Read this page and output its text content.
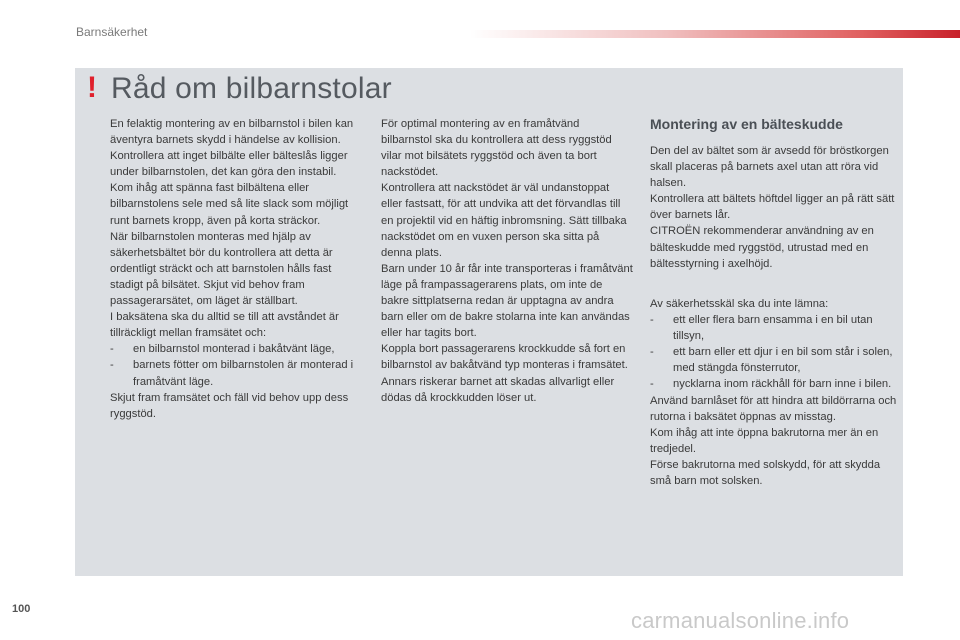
Barnsäkerhet
! Råd om bilbarnstolar

En felaktig montering av en bilbarnstol i bilen kan äventyra barnets skydd i händelse av kollision.

Kontrollera att inget bilbälte eller bälteslås ligger under bilbarnstolen, det kan göra den instabil.

Kom ihåg att spänna fast bilbältena eller bilbarnstolens sele med så lite slack som möjligt runt barnets kropp, även på korta sträckor.

När bilbarnstolen monteras med hjälp av säkerhetsbältet bör du kontrollera att detta är ordentligt sträckt och att barnstolen hålls fast stadigt på bilsätet. Skjut vid behov fram passagerarsätet, om läget är ställbart.

I baksätena ska du alltid se till att avståndet är tillräckligt mellan framsätet och:

-	en bilbarnstol monterad i bakåtvänt läge,
-	barnets fötter om bilbarnstolen är monterad i framåtvänt läge.

Skjut fram framsätet och fäll vid behov upp dess ryggstöd.

För optimal montering av en framåtvänd bilbarnstol ska du kontrollera att dess ryggstöd vilar mot bilsätets ryggstöd och även ta bort nackstödet.

Kontrollera att nackstödet är väl undanstoppat eller fastsatt, för att undvika att det förvandlas till en projektil vid en häftig inbromsning. Sätt tillbaka nackstödet om en vuxen person ska sitta på denna plats.

Barn under 10 år får inte transporteras i framåtvänt läge på frampassagerarens plats, om inte de bakre sittplatserna redan är upptagna av andra barn eller om de bakre stolarna inte kan användas eller har tagits bort.

Koppla bort passagerarens krockkudde så fort en bilbarnstol av bakåtvänd typ monteras i framsätet.

Annars riskerar barnet att skadas allvarligt eller dödas då krockkudden löser ut.

Montering av en bälteskudde

Den del av bältet som är avsedd för bröstkorgen skall placeras på barnets axel utan att röra vid halsen.

Kontrollera att bältets höftdel ligger an på rätt sätt över barnets lår.

CITROËN rekommenderar användning av en bälteskudde med ryggstöd, utrustad med en bältesstyrning i axelhöjd.

Av säkerhetsskäl ska du inte lämna:

-	ett eller flera barn ensamma i en bil utan tillsyn,
-	ett barn eller ett djur i en bil som står i solen, med stängda fönsterrutor,
-	nycklarna inom räckhåll för barn inne i bilen.

Använd barnlåset för att hindra att bildörrarna och rutorna i baksätet öppnas av misstag.

Kom ihåg att inte öppna bakrutorna mer än en tredjedel.

Förse bakrutorna med solskydd, för att skydda små barn mot solsken.

100	carmanualsonline.info
